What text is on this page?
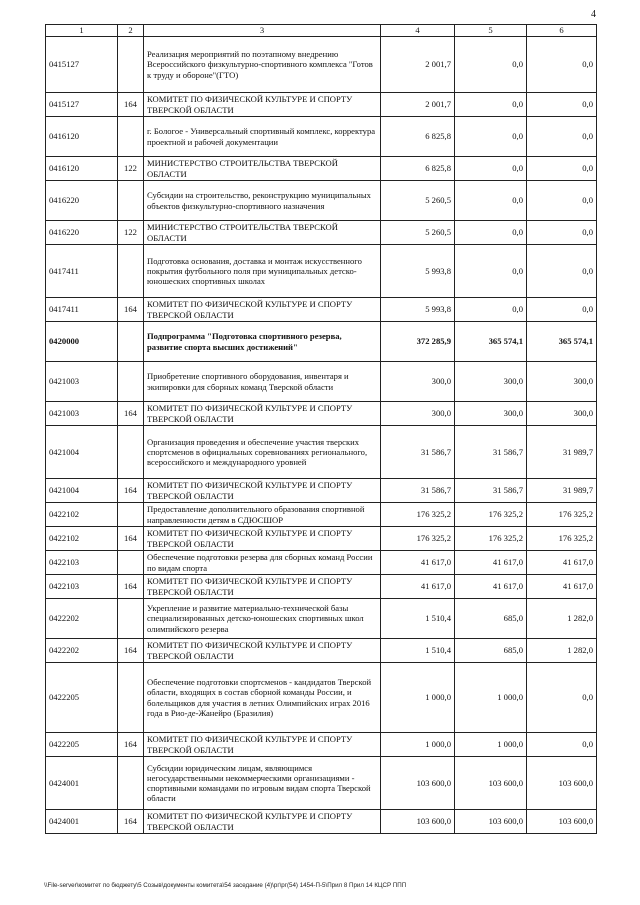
4
1	2	3	4	5	6
0415127		Реализация мероприятий по поэтапному внедрению Всероссийского физкультурно-спортивного комплекса "Готов к труду и обороне"(ГТО)	2 001,7	0,0	0,0
0415127	164	КОМИТЕТ ПО ФИЗИЧЕСКОЙ КУЛЬТУРЕ И СПОРТУ ТВЕРСКОЙ ОБЛАСТИ	2 001,7	0,0	0,0
0416120		г. Бологое - Универсальный спортивный комплекс, корректура проектной и рабочей документации	6 825,8	0,0	0,0
0416120	122	МИНИСТЕРСТВО СТРОИТЕЛЬСТВА ТВЕРСКОЙ ОБЛАСТИ	6 825,8	0,0	0,0
0416220		Субсидии на строительство, реконструкцию муниципальных объектов физкультурно-спортивного назначения	5 260,5	0,0	0,0
0416220	122	МИНИСТЕРСТВО СТРОИТЕЛЬСТВА ТВЕРСКОЙ ОБЛАСТИ	5 260,5	0,0	0,0
0417411		Подготовка основания, доставка и монтаж искусственного покрытия футбольного поля при муниципальных детско-юношеских спортивных школах	5 993,8	0,0	0,0
0417411	164	КОМИТЕТ ПО ФИЗИЧЕСКОЙ КУЛЬТУРЕ И СПОРТУ ТВЕРСКОЙ ОБЛАСТИ	5 993,8	0,0	0,0
0420000		Подпрограмма "Подготовка спортивного резерва, развитие спорта высших достижений"	372 285,9	365 574,1	365 574,1
0421003		Приобретение спортивного оборудования, инвентаря и экипировки для сборных команд Тверской области	300,0	300,0	300,0
0421003	164	КОМИТЕТ ПО ФИЗИЧЕСКОЙ КУЛЬТУРЕ И СПОРТУ ТВЕРСКОЙ ОБЛАСТИ	300,0	300,0	300,0
0421004		Организация проведения и обеспечение участия тверских спортсменов в официальных соревнованиях регионального, всероссийского и международного уровней	31 586,7	31 586,7	31 989,7
0421004	164	КОМИТЕТ ПО ФИЗИЧЕСКОЙ КУЛЬТУРЕ И СПОРТУ ТВЕРСКОЙ ОБЛАСТИ	31 586,7	31 586,7	31 989,7
0422102		Предоставление дополнительного образования спортивной направленности детям в СДЮСШОР	176 325,2	176 325,2	176 325,2
0422102	164	КОМИТЕТ ПО ФИЗИЧЕСКОЙ КУЛЬТУРЕ И СПОРТУ ТВЕРСКОЙ ОБЛАСТИ	176 325,2	176 325,2	176 325,2
0422103		Обеспечение подготовки резерва для сборных команд России по видам спорта	41 617,0	41 617,0	41 617,0
0422103	164	КОМИТЕТ ПО ФИЗИЧЕСКОЙ КУЛЬТУРЕ И СПОРТУ ТВЕРСКОЙ ОБЛАСТИ	41 617,0	41 617,0	41 617,0
0422202		Укрепление и развитие материально-технической базы специализированных детско-юношеских спортивных школ олимпийского резерва	1 510,4	685,0	1 282,0
0422202	164	КОМИТЕТ ПО ФИЗИЧЕСКОЙ КУЛЬТУРЕ И СПОРТУ ТВЕРСКОЙ ОБЛАСТИ	1 510,4	685,0	1 282,0
0422205		Обеспечение подготовки спортсменов - кандидатов Тверской области, входящих в состав сборной команды России, и болельщиков для участия в летних Олимпийских играх 2016 года в Рио-де-Жанейро (Бразилия)	1 000,0	1 000,0	0,0
0422205	164	КОМИТЕТ ПО ФИЗИЧЕСКОЙ КУЛЬТУРЕ И СПОРТУ ТВЕРСКОЙ ОБЛАСТИ	1 000,0	1 000,0	0,0
0424001		Субсидии юридическим лицам, являющимся негосударственными некоммерческими организациями - спортивными командами по игровым видам спорта Тверской области	103 600,0	103 600,0	103 600,0
0424001	164	КОМИТЕТ ПО ФИЗИЧЕСКОЙ КУЛЬТУРЕ И СПОРТУ ТВЕРСКОЙ ОБЛАСТИ	103 600,0	103 600,0	103 600,0
\\File-server\комитет по бюджету\5 Созыв\документы комитета\54 заседание (4)\рг\рг(54) 1454-П-5\Прил 8 Прил 14 КЦСР ППП
